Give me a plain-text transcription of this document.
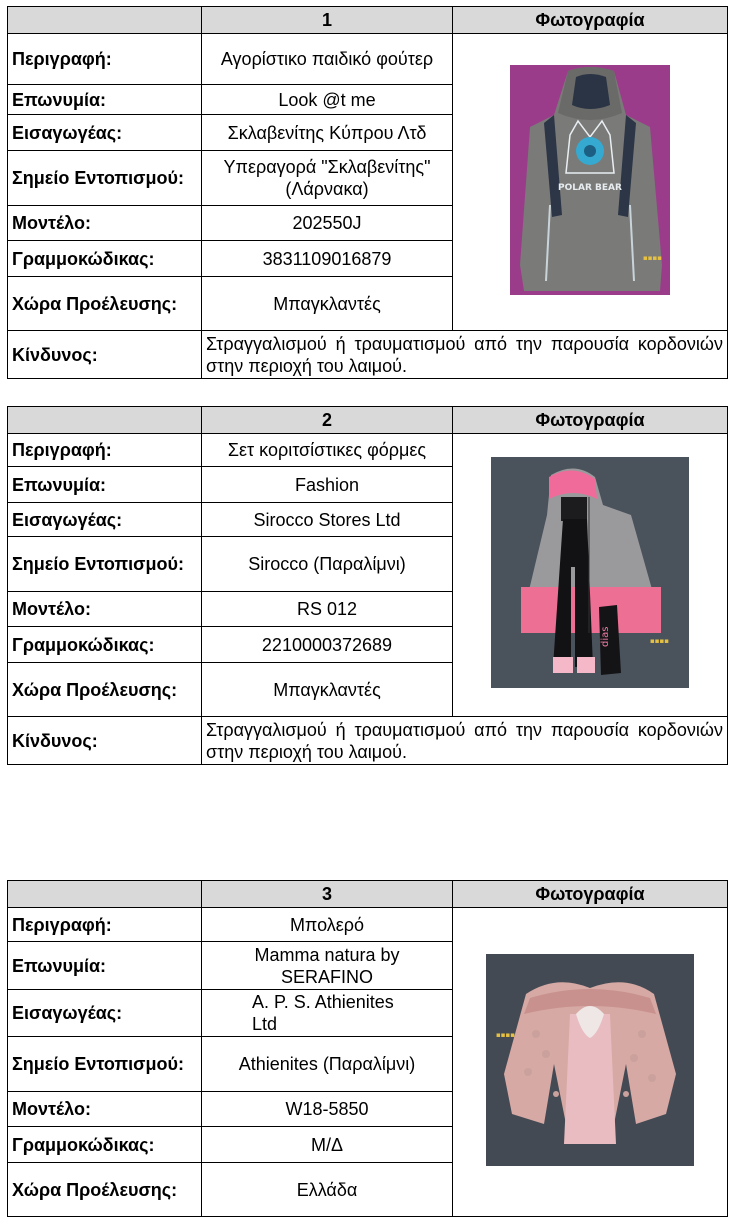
	1	Φωτογραφία
Περιγραφή:	Αγορίστικο παιδικό φούτερ	POLAR BEAR
▪▪▪▪

Επωνυμία:	Look @t me	
Εισαγωγέας:	Σκλαβενίτης Κύπρου Λτδ	
Σημείο Εντοπισμού:	Υπεραγορά "Σκλαβενίτης" (Λάρνακα)	
Μοντέλο:	202550J	
Γραμμοκώδικας:	3831109016879	
Χώρα Προέλευσης:	Μπαγκλαντές	
Κίνδυνος:	Στραγγαλισμού ή τραυματισμού από την παρουσία κορδονιών στην περιοχή του λαιμού.	
	2	Φωτογραφία
Περιγραφή:	Σετ κοριτσίστικες φόρμες	dias ▪▪▪▪

Επωνυμία:	Fashion	
Εισαγωγέας:	Sirocco Stores Ltd	
Σημείο Εντοπισμού:	Sirocco (Παραλίμνι)	
Μοντέλο:	RS 012	
Γραμμοκώδικας:	2210000372689	
Χώρα Προέλευσης:	Μπαγκλαντές	
Κίνδυνος:	Στραγγαλισμού ή τραυματισμού από την παρουσία κορδονιών στην περιοχή του λαιμού.	
	3	Φωτογραφία
Περιγραφή:	Μπολερό	▪▪▪▪

Επωνυμία:	Mamma natura by SERAFINO	
Εισαγωγέας:	A. P. S. Athienites Ltd	
Σημείο Εντοπισμού:	Athienites (Παραλίμνι)	
Μοντέλο:	W18-5850	
Γραμμοκώδικας:	Μ/Δ	
Χώρα Προέλευσης:	Ελλάδα	
